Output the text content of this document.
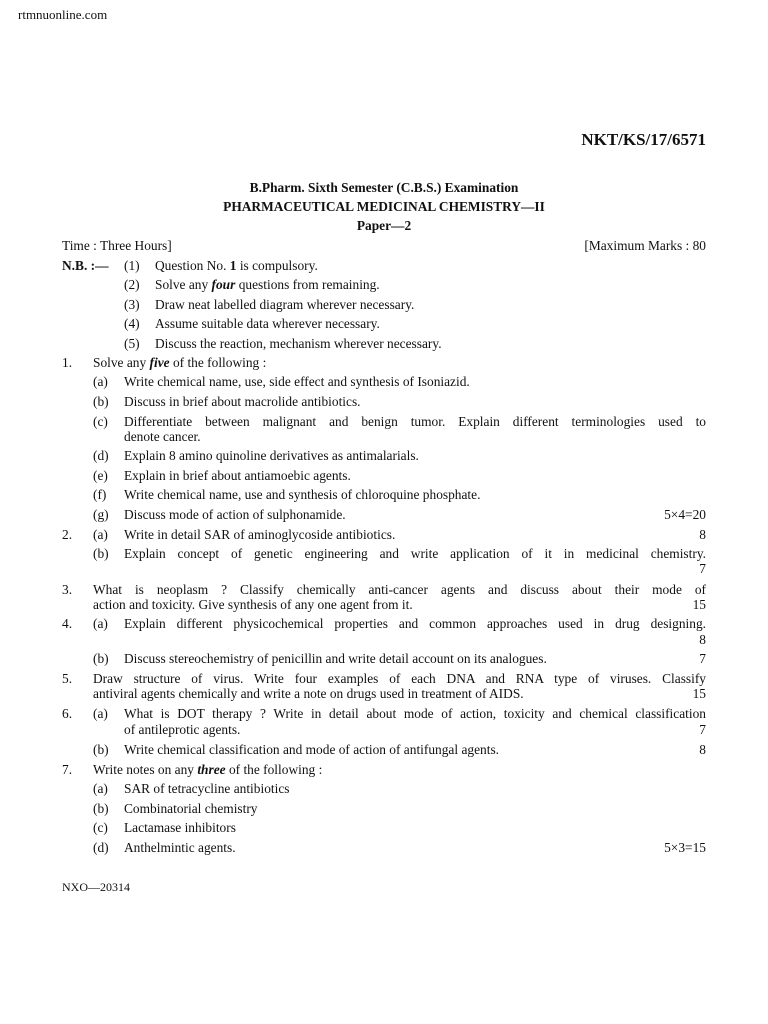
rtmnuonline.com
NKT/KS/17/6571
B.Pharm. Sixth Semester (C.B.S.) Examination
PHARMACEUTICAL MEDICINAL CHEMISTRY—II
Paper—2
Time : Three Hours]	[Maximum Marks : 80
N.B. :— (1) Question No. 1 is compulsory.
(2) Solve any four questions from remaining.
(3) Draw neat labelled diagram wherever necessary.
(4) Assume suitable data wherever necessary.
(5) Discuss the reaction, mechanism wherever necessary.
1. Solve any five of the following :
(a) Write chemical name, use, side effect and synthesis of Isoniazid.
(b) Discuss in brief about macrolide antibiotics.
(c) Differentiate between malignant and benign tumor. Explain different terminologies used to
denote cancer.
(d) Explain 8 amino quinoline derivatives as antimalarials.
(e) Explain in brief about antiamoebic agents.
(f) Write chemical name, use and synthesis of chloroquine phosphate.
(g) Discuss mode of action of sulphonamide.	5×4=20
2. (a) Write in detail SAR of aminoglycoside antibiotics.	8
(b) Explain concept of genetic engineering and write application of it in medicinal chemistry.
7
3. What is neoplasm ? Classify chemically anti-cancer agents and discuss about their mode of
action and toxicity. Give synthesis of any one agent from it.	15
4. (a) Explain different physicochemical properties and common approaches used in drug designing.
8
(b) Discuss stereochemistry of penicillin and write detail account on its analogues.	7
5. Draw structure of virus. Write four examples of each DNA and RNA type of viruses. Classify
antiviral agents chemically and write a note on drugs used in treatment of AIDS.	15
6. (a) What is DOT therapy ? Write in detail about mode of action, toxicity and chemical classification
of antileprotic agents.	7
(b) Write chemical classification and mode of action of antifungal agents.	8
7. Write notes on any three of the following :
(a) SAR of tetracycline antibiotics
(b) Combinatorial chemistry
(c) Lactamase inhibitors
(d) Anthelmintic agents.	5×3=15
NXO—20314
